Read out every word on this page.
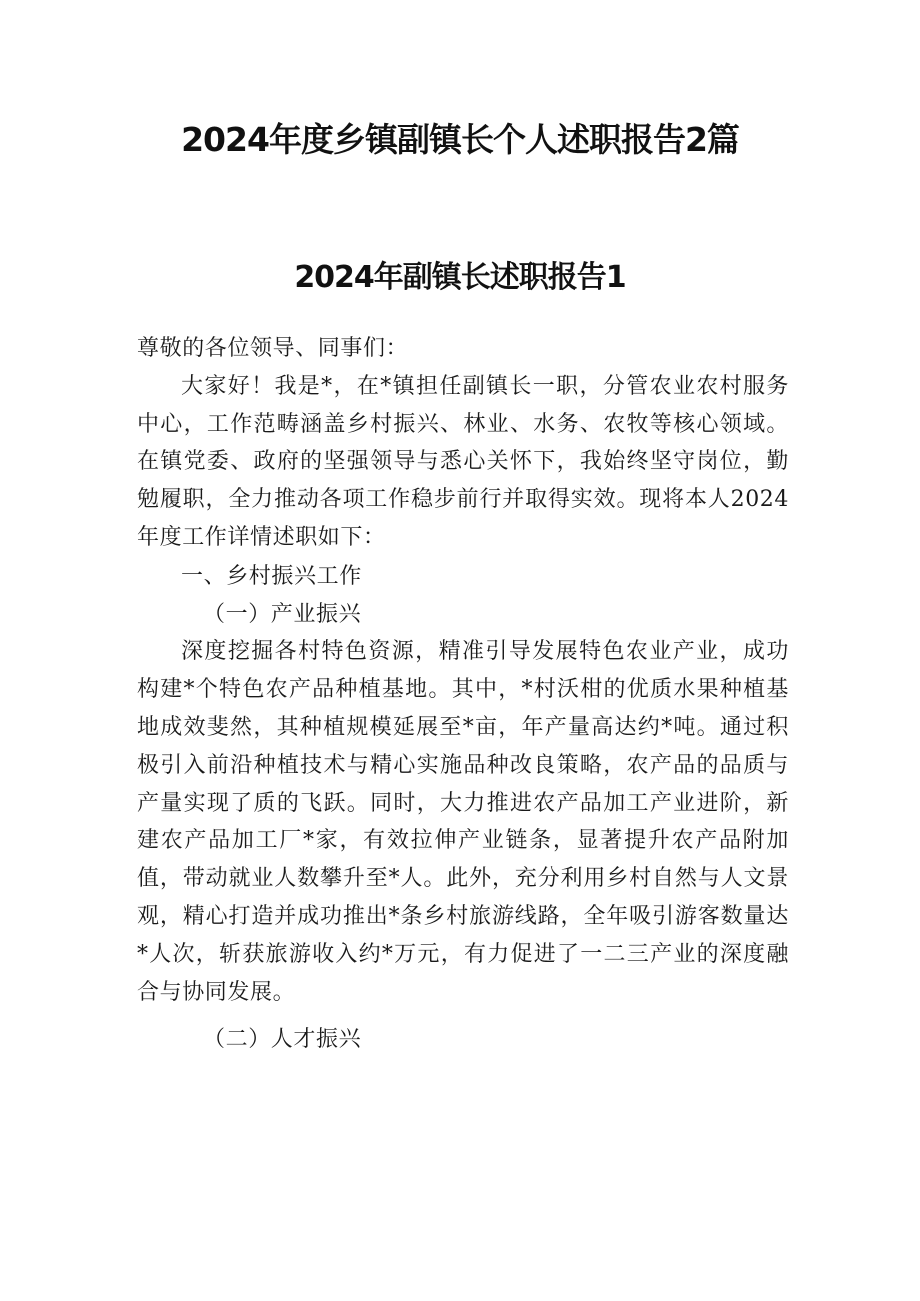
2024年度乡镇副镇长个人述职报告2篇
2024年副镇长述职报告1

尊敬的各位领导、同事们：

大家好！我是*，在*镇担任副镇长一职，分管农业农村服务中心，工作范畴涵盖乡村振兴、林业、水务、农牧等核心领域。在镇党委、政府的坚强领导与悉心关怀下，我始终坚守岗位，勤勉履职，全力推动各项工作稳步前行并取得实效。现将本人2024年度工作详情述职如下：

一、乡村振兴工作

（一）产业振兴

深度挖掘各村特色资源，精准引导发展特色农业产业，成功构建*个特色农产品种植基地。其中，*村沃柑的优质水果种植基地成效斐然，其种植规模延展至*亩，年产量高达约*吨。通过积极引入前沿种植技术与精心实施品种改良策略，农产品的品质与产量实现了质的飞跃。同时，大力推进农产品加工产业进阶，新建农产品加工厂*家，有效拉伸产业链条，显著提升农产品附加值，带动就业人数攀升至*人。此外，充分利用乡村自然与人文景观，精心打造并成功推出*条乡村旅游线路，全年吸引游客数量达*人次，斩获旅游收入约*万元，有力促进了一二三产业的深度融合与协同发展。

（二）人才振兴
